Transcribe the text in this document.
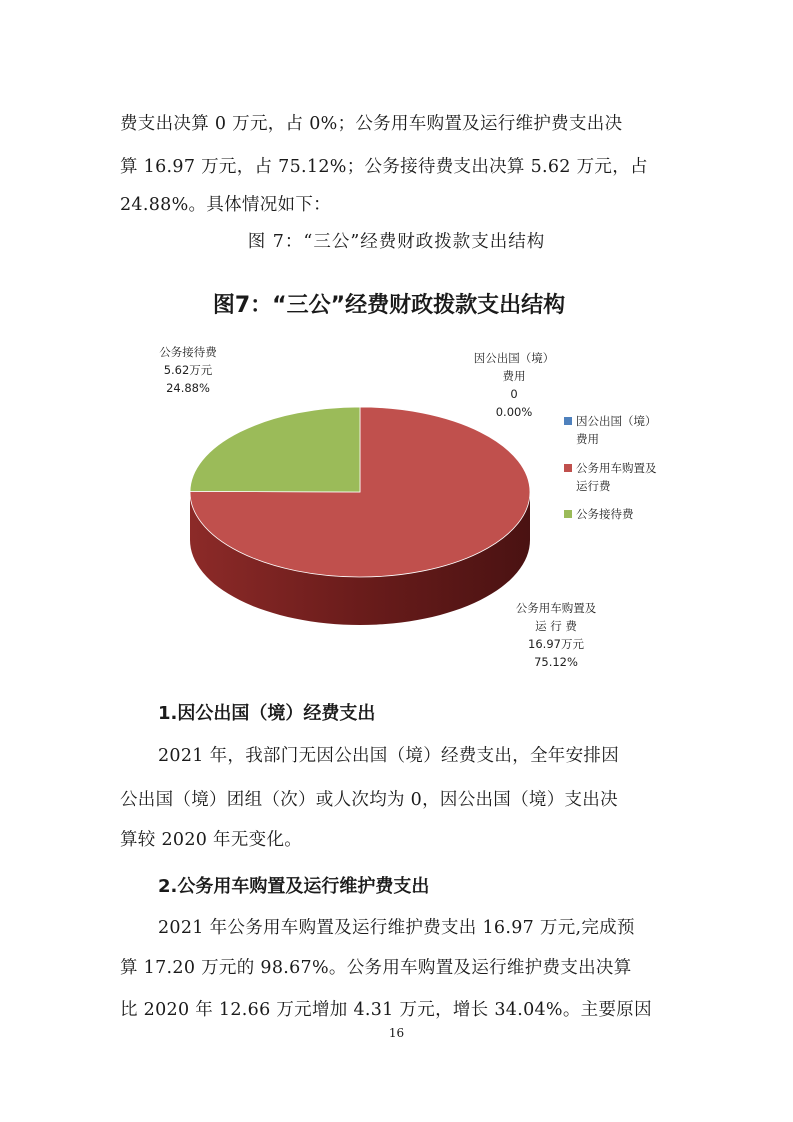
费支出决算 0 万元，占 0%；公务用车购置及运行维护费支出决
算 16.97 万元，占 75.12%；公务接待费支出决算 5.62 万元，占
24.88%。具体情况如下：
图 7：“三公”经费财政拨款支出结构
图7：“三公”经费财政拨款支出结构
公务接待费
5.62万元
24.88%
因公出国（境）
费用
0
0.00%
公务用车购置及
运 行 费
16.97万元
75.12%
因公出国（境）
费用
公务用车购置及
运行费
公务接待费
1.因公出国（境）经费支出
2021 年，我部门无因公出国（境）经费支出，全年安排因
公出国（境）团组（次）或人次均为 0，因公出国（境）支出决
算较 2020 年无变化。
2.公务用车购置及运行维护费支出
2021 年公务用车购置及运行维护费支出 16.97 万元,完成预
算 17.20 万元的 98.67%。公务用车购置及运行维护费支出决算
比 2020 年 12.66 万元增加 4.31 万元，增长 34.04%。主要原因
16
